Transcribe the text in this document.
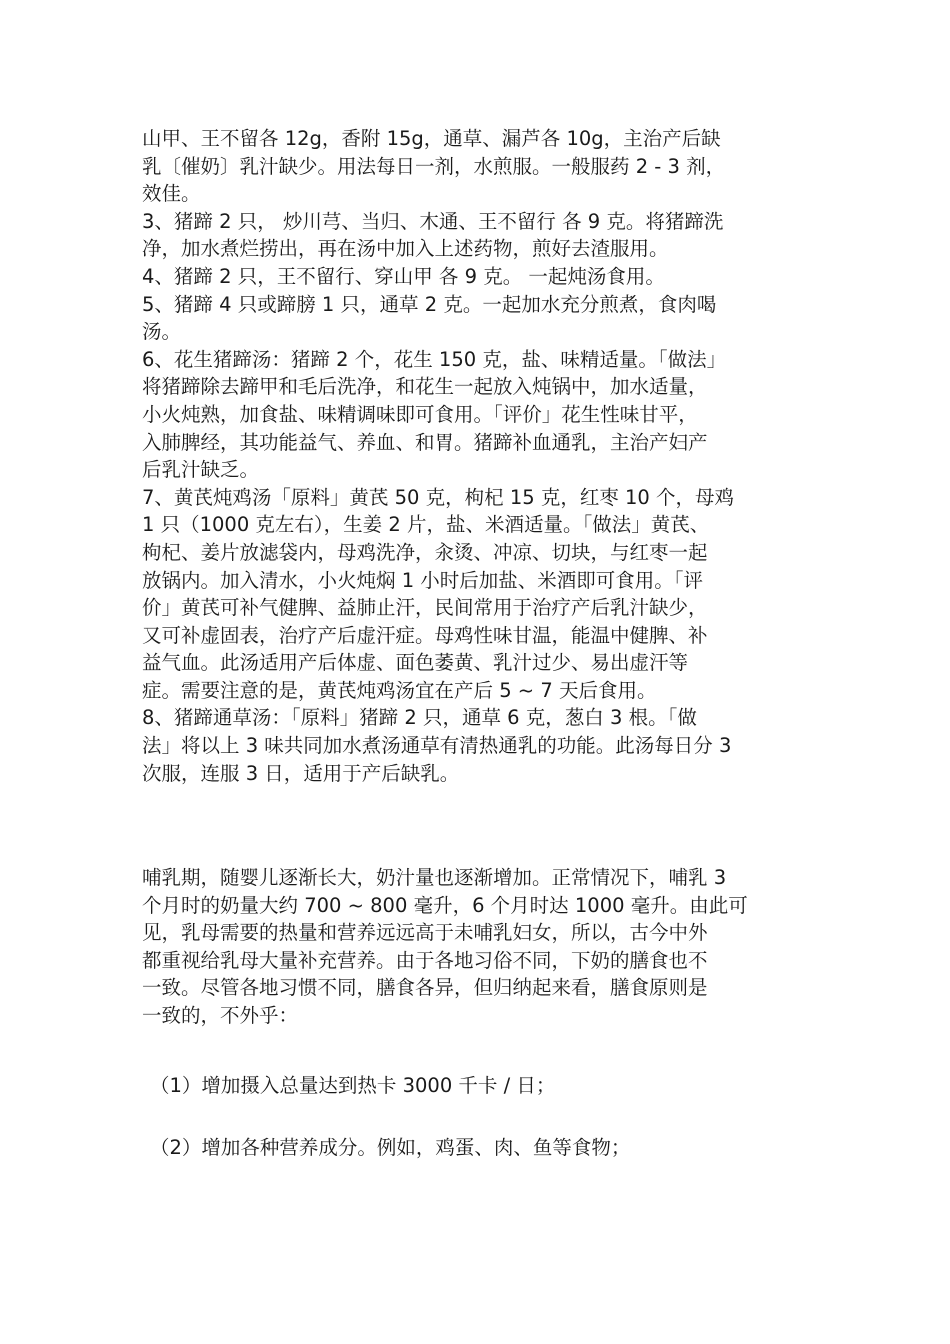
山甲、王不留各 12g，香附 15g，通草、漏芦各 10g，主治产后缺
乳〔催奶〕乳汁缺少。用法每日一剂，水煎服。一般服药 2 - 3 剂，
效佳。
3、猪蹄 2 只， 炒川芎、当归、木通、王不留行 各 9 克。将猪蹄洗
净，加水煮烂捞出，再在汤中加入上述药物，煎好去渣服用。
4、猪蹄 2 只，王不留行、穿山甲 各 9 克。 一起炖汤食用。
5、猪蹄 4 只或蹄膀 1 只，通草 2 克。一起加水充分煎煮，食肉喝
汤。
6、花生猪蹄汤：猪蹄 2 个，花生 150 克，盐、味精适量。「做法」
将猪蹄除去蹄甲和毛后洗净，和花生一起放入炖锅中，加水适量，
小火炖熟，加食盐、味精调味即可食用。「评价」花生性味甘平，
入肺脾经，其功能益气、养血、和胃。猪蹄补血通乳，主治产妇产
后乳汁缺乏。
7、黄芪炖鸡汤「原料」黄芪 50 克，枸杞 15 克，红枣 10 个，母鸡
1 只（1000 克左右），生姜 2 片，盐、米酒适量。「做法」黄芪、
枸杞、姜片放滤袋内，母鸡洗净，汆烫、冲凉、切块，与红枣一起
放锅内。加入清水，小火炖焖 1 小时后加盐、米酒即可食用。「评
价」黄芪可补气健脾、益肺止汗，民间常用于治疗产后乳汁缺少，
又可补虚固表，治疗产后虚汗症。母鸡性味甘温，能温中健脾、补
益气血。此汤适用产后体虚、面色萎黄、乳汁过少、易出虚汗等
症。需要注意的是，黄芪炖鸡汤宜在产后 5 ~ 7 天后食用。
8、猪蹄通草汤：「原料」猪蹄 2 只，通草 6 克，葱白 3 根。「做
法」将以上 3 味共同加水煮汤通草有清热通乳的功能。此汤每日分 3
次服，连服 3 日，适用于产后缺乳。
哺乳期，随婴儿逐渐长大，奶汁量也逐渐增加。正常情况下，哺乳 3
个月时的奶量大约 700 ~ 800 毫升，6 个月时达 1000 毫升。由此可
见，乳母需要的热量和营养远远高于未哺乳妇女，所以，古今中外
都重视给乳母大量补充营养。由于各地习俗不同，下奶的膳食也不
一致。尽管各地习惯不同，膳食各异，但归纳起来看，膳食原则是
一致的，不外乎：
（1）增加摄入总量达到热卡 3000 千卡 / 日；
（2）增加各种营养成分。例如，鸡蛋、肉、鱼等食物；
